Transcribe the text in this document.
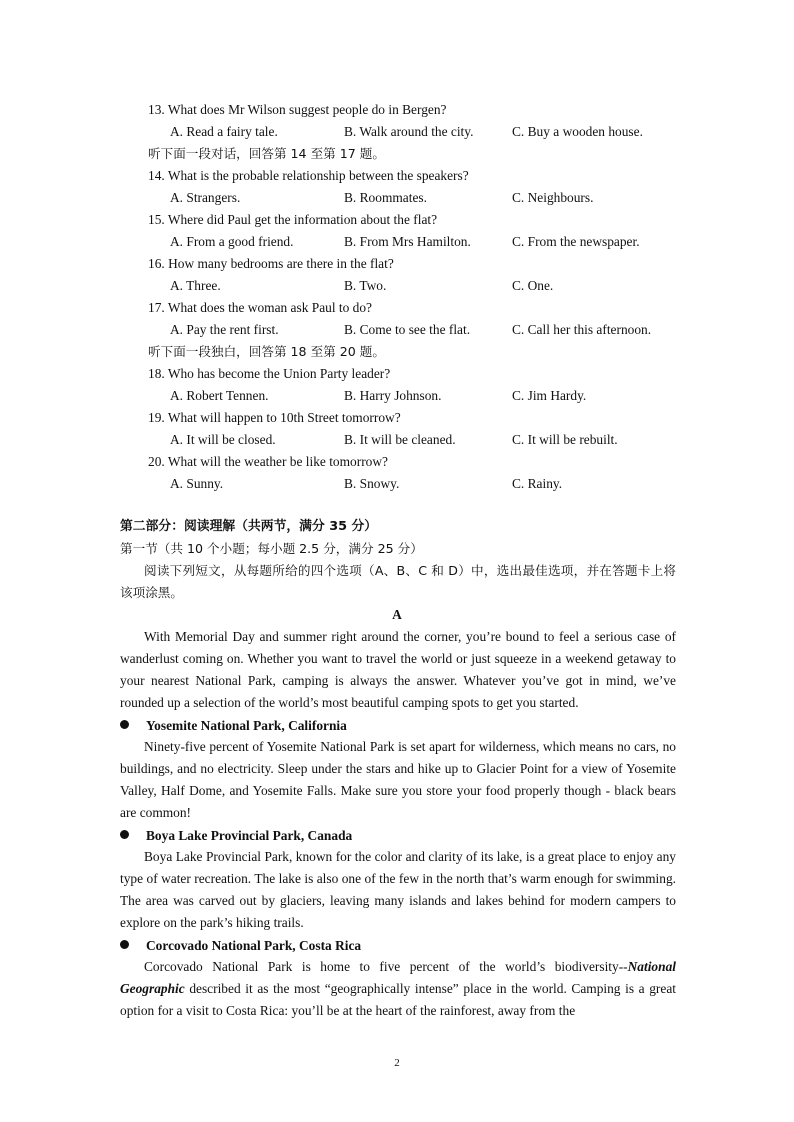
13. What does Mr Wilson suggest people do in Bergen?
A. Read a fairy tale.	B. Walk around the city.	C. Buy a wooden house.
听下面一段对话，回答第 14 至第 17 题。
14. What is the probable relationship between the speakers?
A. Strangers.	B. Roommates.	C. Neighbours.
15. Where did Paul get the information about the flat?
A. From a good friend.	B. From Mrs Hamilton.	C. From the newspaper.
16. How many bedrooms are there in the flat?
A. Three.	B. Two.	C. One.
17. What does the woman ask Paul to do?
A. Pay the rent first.	B. Come to see the flat.	C. Call her this afternoon.
听下面一段独白，回答第 18 至第 20 题。
18. Who has become the Union Party leader?
A. Robert Tennen.	B. Harry Johnson.	C. Jim Hardy.
19. What will happen to 10th Street tomorrow?
A. It will be closed.	B. It will be cleaned.	C. It will be rebuilt.
20. What will the weather be like tomorrow?
A. Sunny.	B. Snowy.	C. Rainy.
第二部分：阅读理解（共两节，满分 35 分）
第一节（共 10 个小题；每小题 2.5 分，满分 25 分）
阅读下列短文，从每题所给的四个选项（A、B、C 和 D）中，选出最佳选项，并在答题卡上将该项涂黑。
A
With Memorial Day and summer right around the corner, you’re bound to feel a serious case of wanderlust coming on. Whether you want to travel the world or just squeeze in a weekend getaway to your nearest National Park, camping is always the answer. Whatever you’ve got in mind, we’ve rounded up a selection of the world’s most beautiful camping spots to get you started.
Yosemite National Park, California
Ninety-five percent of Yosemite National Park is set apart for wilderness, which means no cars, no buildings, and no electricity. Sleep under the stars and hike up to Glacier Point for a view of Yosemite Valley, Half Dome, and Yosemite Falls. Make sure you store your food properly though - black bears are common!
Boya Lake Provincial Park, Canada
Boya Lake Provincial Park, known for the color and clarity of its lake, is a great place to enjoy any type of water recreation. The lake is also one of the few in the north that’s warm enough for swimming. The area was carved out by glaciers, leaving many islands and lakes behind for modern campers to explore on the park’s hiking trails.
Corcovado National Park, Costa Rica
Corcovado National Park is home to five percent of the world’s biodiversity--National Geographic described it as the most “geographically intense” place in the world. Camping is a great option for a visit to Costa Rica: you’ll be at the heart of the rainforest, away from the
2
